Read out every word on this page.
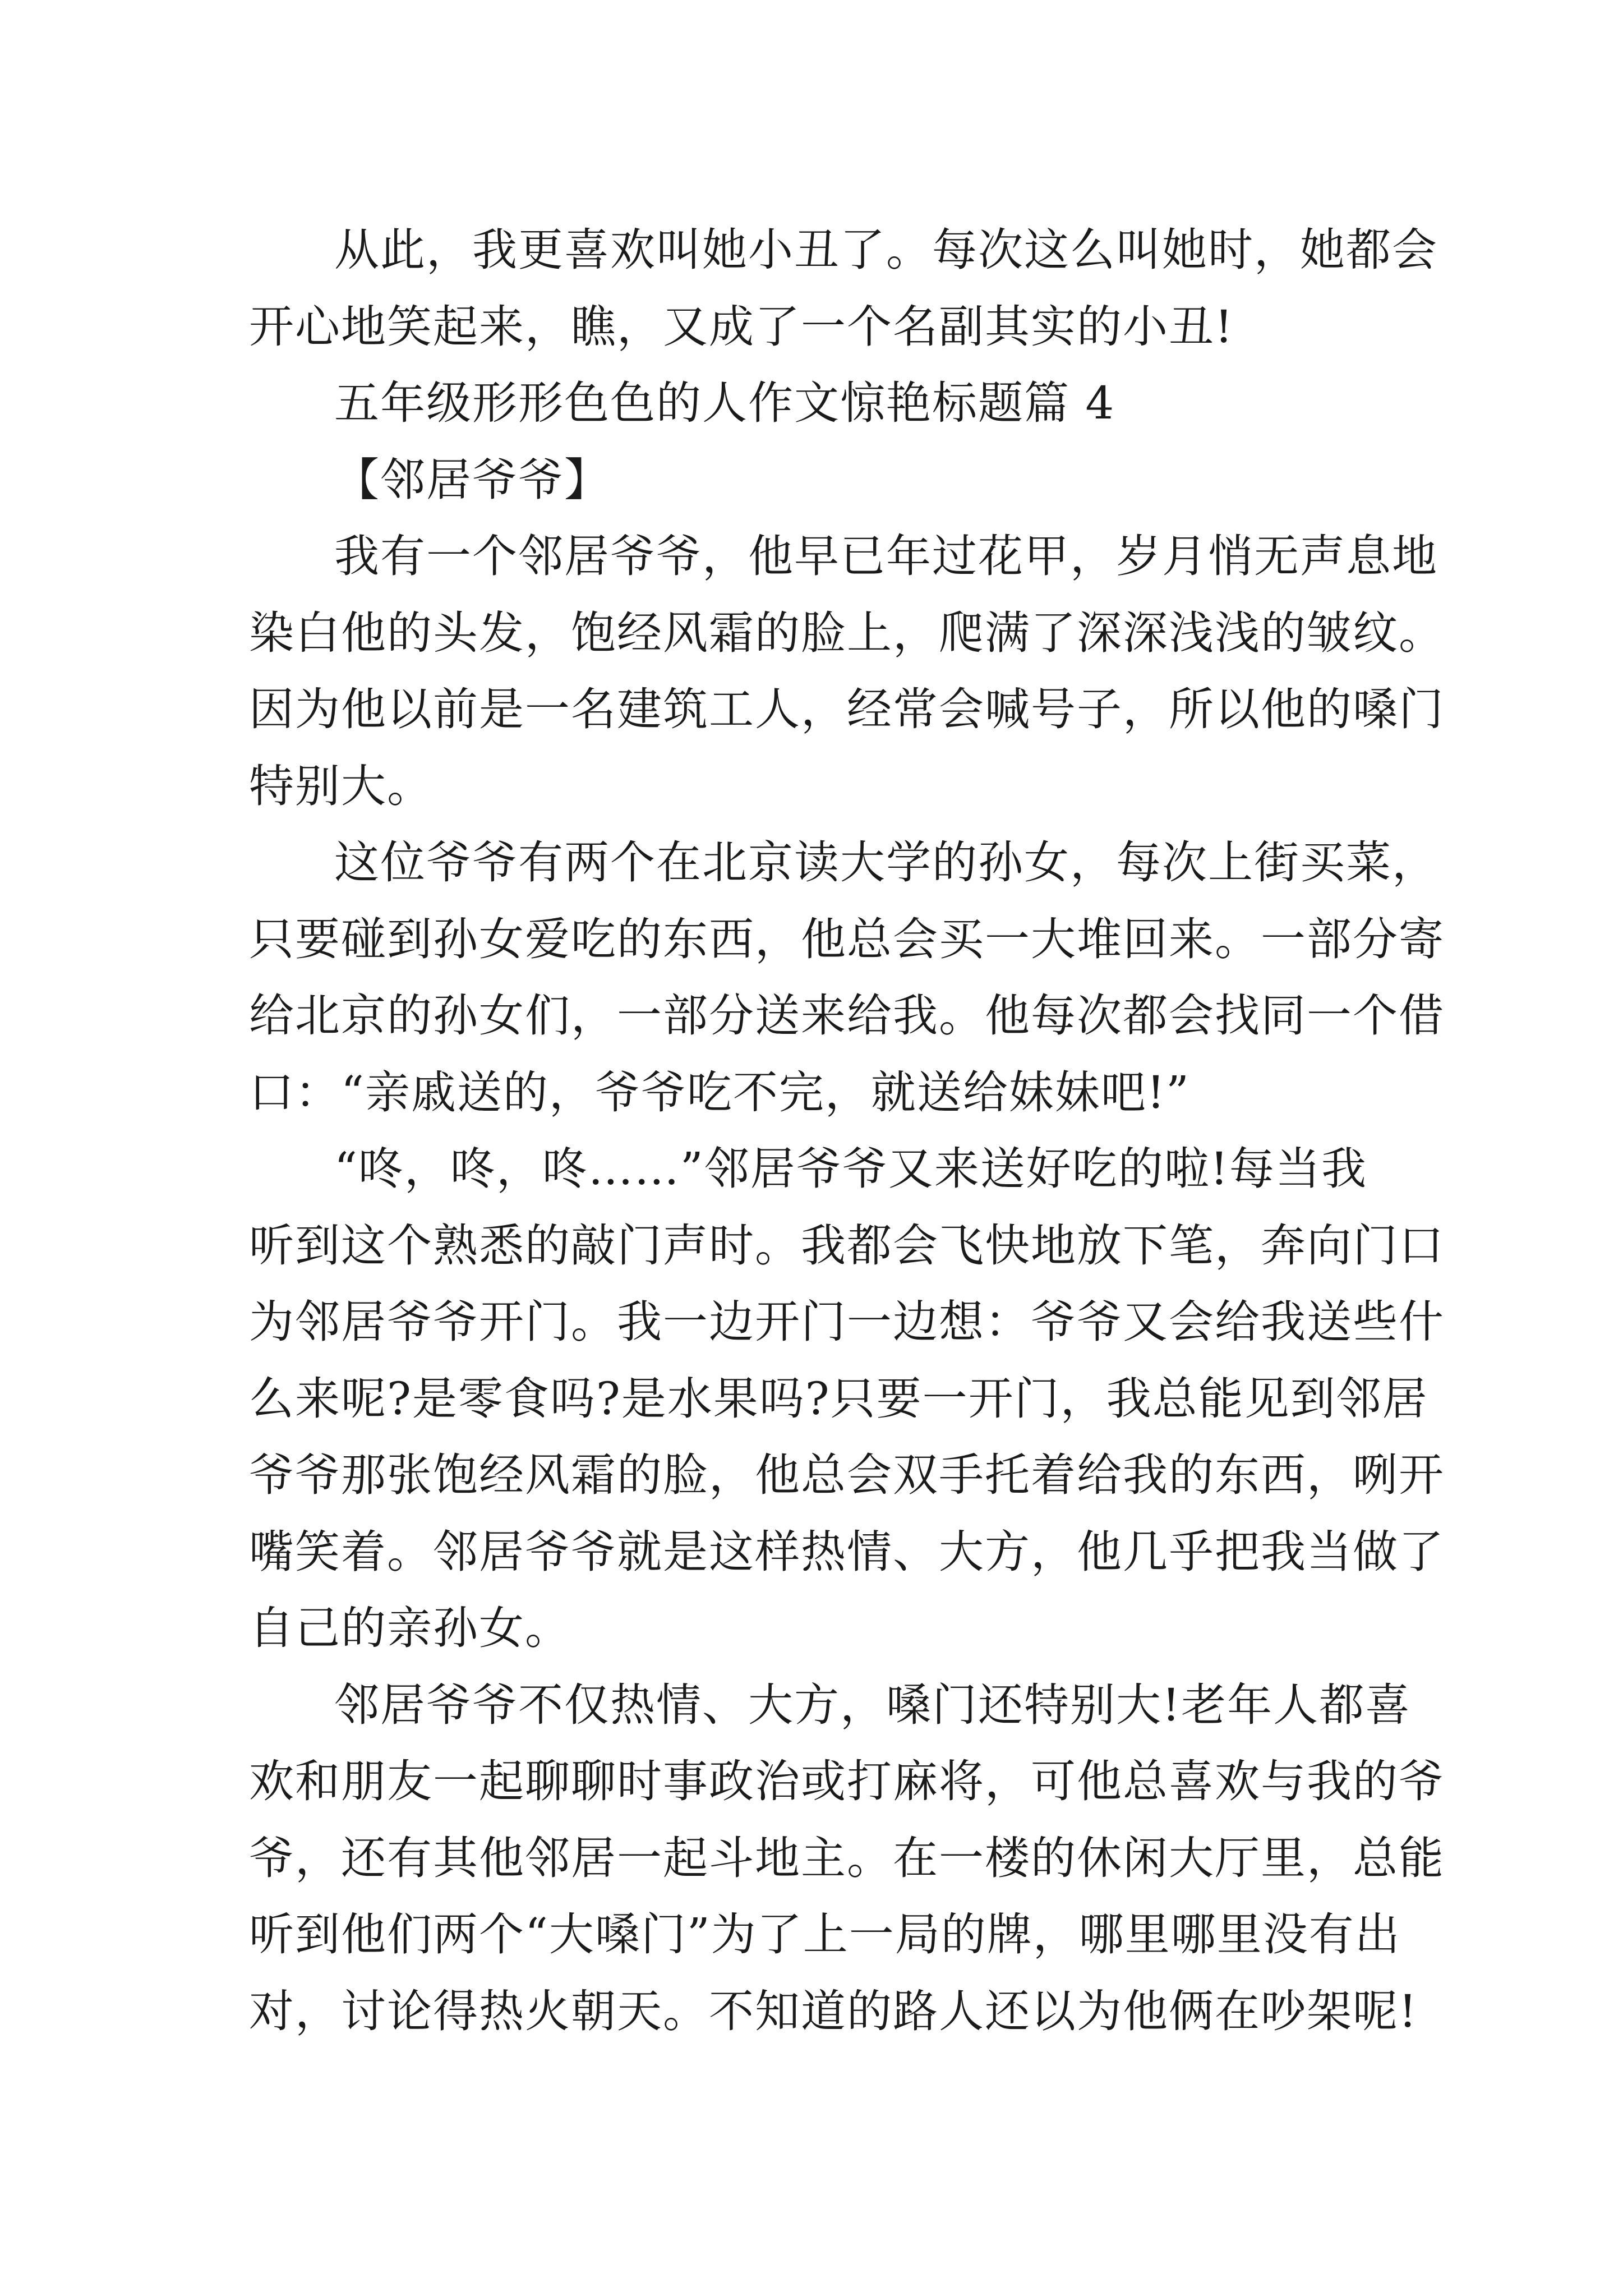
从此，我更喜欢叫她小丑了。每次这么叫她时，她都会
开心地笑起来，瞧，又成了一个名副其实的小丑!
五年级形形色色的人作文惊艳标题篇 4
【邻居爷爷】
我有一个邻居爷爷，他早已年过花甲，岁月悄无声息地
染白他的头发，饱经风霜的脸上，爬满了深深浅浅的皱纹。
因为他以前是一名建筑工人，经常会喊号子，所以他的嗓门
特别大。
这位爷爷有两个在北京读大学的孙女，每次上街买菜，
只要碰到孙女爱吃的东西，他总会买一大堆回来。一部分寄
给北京的孙女们，一部分送来给我。他每次都会找同一个借
口：“亲戚送的，爷爷吃不完，就送给妹妹吧!”
“咚，咚，咚……”邻居爷爷又来送好吃的啦!每当我
听到这个熟悉的敲门声时。我都会飞快地放下笔，奔向门口
为邻居爷爷开门。我一边开门一边想：爷爷又会给我送些什
么来呢?是零食吗?是水果吗?只要一开门，我总能见到邻居
爷爷那张饱经风霜的脸，他总会双手托着给我的东西，咧开
嘴笑着。邻居爷爷就是这样热情、大方，他几乎把我当做了
自己的亲孙女。
邻居爷爷不仅热情、大方，嗓门还特别大!老年人都喜
欢和朋友一起聊聊时事政治或打麻将，可他总喜欢与我的爷
爷，还有其他邻居一起斗地主。在一楼的休闲大厅里，总能
听到他们两个“大嗓门”为了上一局的牌，哪里哪里没有出
对，讨论得热火朝天。不知道的路人还以为他俩在吵架呢!
